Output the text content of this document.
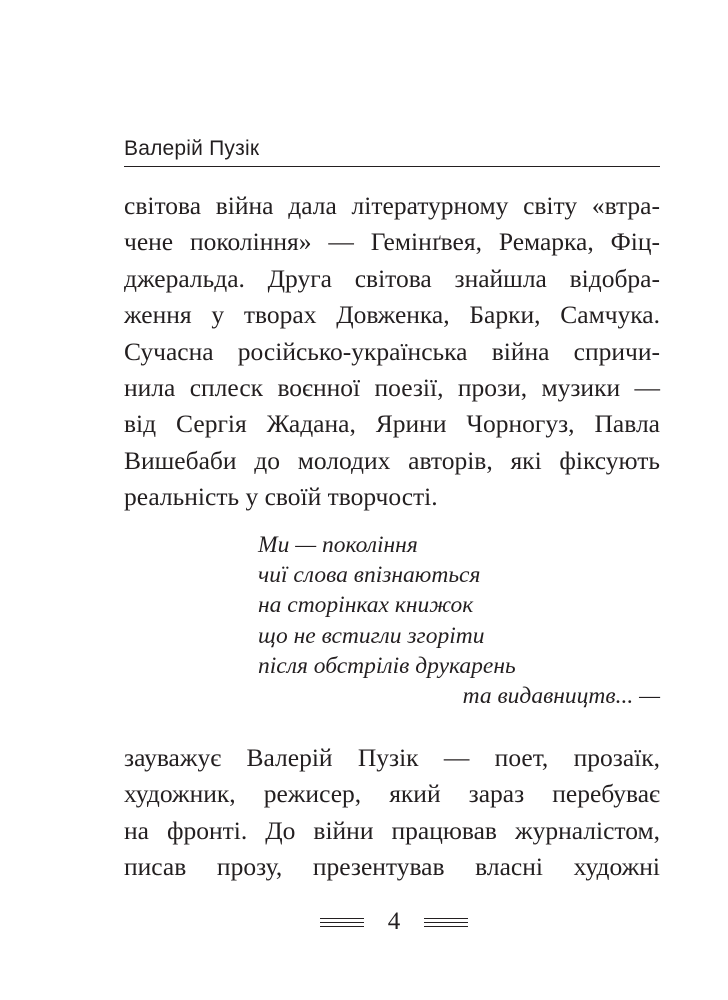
Валерій Пузік
світова війна дала літературному світу «втра-
чене покоління» — Гемінґвея, Ремарка, Фіц-
джеральда. Друга світова знайшла відобра-
ження у творах Довженка, Барки, Самчука.
Сучасна російсько-українська війна спричи-
нила сплеск воєнної поезії, прози, музики —
від Сергія Жадана, Ярини Чорногуз, Павла
Вишебаби до молодих авторів, які фіксують
реальність у своїй творчості.
Ми — покоління
чиї слова впізнаються
на сторінках книжок
що не встигли згоріти
після обстрілів друкарень
та видавництв... —
зауважує Валерій Пузік — поет, прозаїк,
художник, режисер, який зараз перебуває
на фронті. До війни працював журналістом,
писав прозу, презентував власні художні
4
